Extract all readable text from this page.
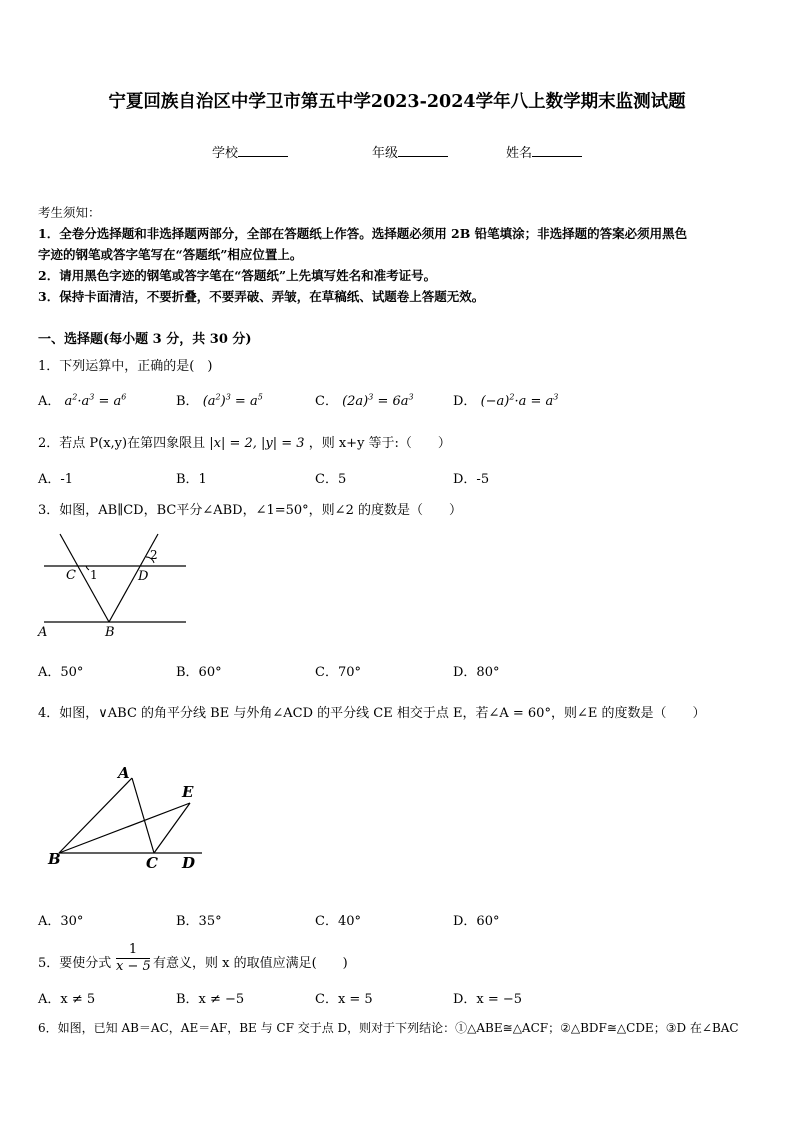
宁夏回族自治区中学卫市第五中学2023-2024学年八上数学期末监测试题
学校	年级	姓名
考生须知：
1．全卷分选择题和非选择题两部分，全部在答题纸上作答。选择题必须用 2B 铅笔填涂；非选择题的答案必须用黑色
字迹的钢笔或答字笔写在“答题纸”相应位置上。
2．请用黑色字迹的钢笔或答字笔在“答题纸”上先填写姓名和准考证号。
3．保持卡面清洁，不要折叠，不要弄破、弄皱，在草稿纸、试题卷上答题无效。
一、选择题(每小题 3 分，共 30 分)
1．下列运算中，正确的是(　)
A． $a^2\cdot a^3 = a^6$	B． $(a^2)^3 = a^5$	C． $(2a)^3 = 6a^3$	D． $(-a)^2\cdot a = a^3$
2．若点 P(x,y)在第四象限且 |x| = 2, |y| = 3 ，则 x+y 等于:（　　）
A．-1	B．1	C．5	D．-5
3．如图，AB∥CD，BC平分∠ABD，∠1=50°，则∠2 的度数是（　　）
C 1	D
2
A	B
A．50°	B．60°	C．70°	D．80°
4．如图，∨ABC 的角平分线 BE 与外角∠ACD 的平分线 CE 相交于点 E，若∠A = 60°，则∠E 的度数是（　　）
A
E
B	C D
A．30°	B．35°	C．40°	D．60°
5．要使分式 $\frac{1}{x - 5}$ 有意义，则 x 的取值应满足(　　)
A．x ≠ 5	B．x ≠ −5	C．x = 5	D．x = −5
6．如图，已知 AB＝AC，AE＝AF，BE 与 CF 交于点 D，则对于下列结论：①△ABE≅△ACF；②△BDF≅△CDE；③D 在∠BAC
